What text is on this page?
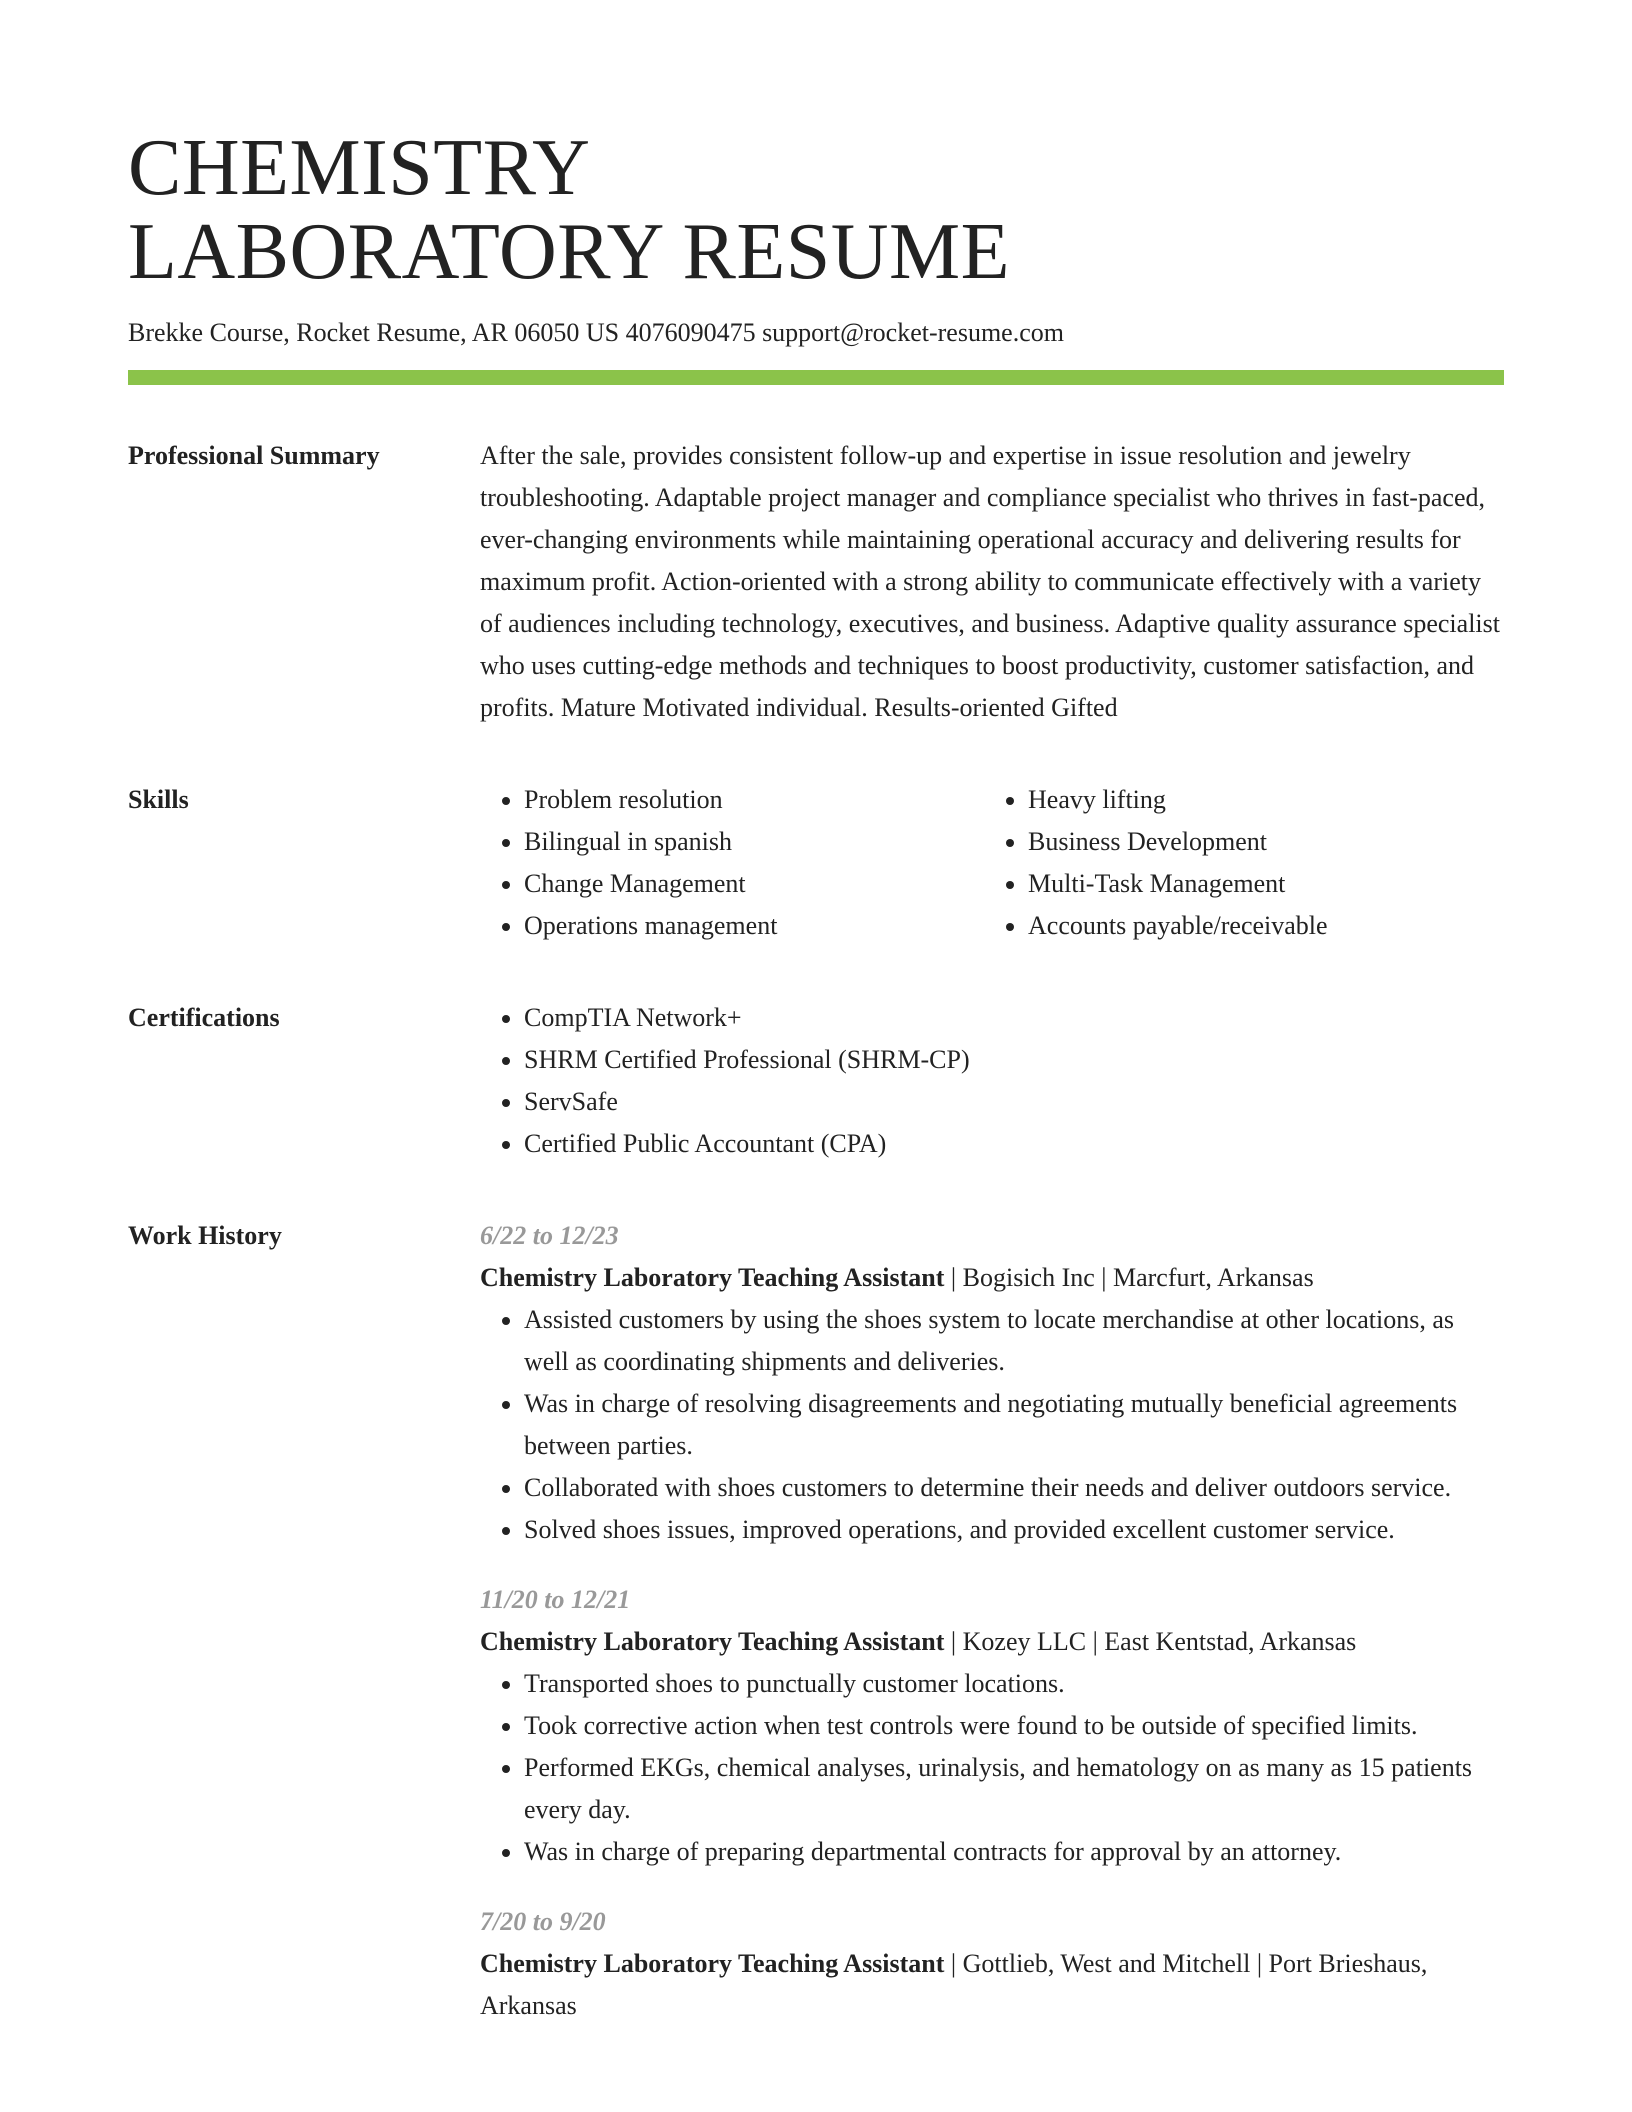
CHEMISTRY
LABORATORY RESUME
Brekke Course, Rocket Resume, AR 06050 US 4076090475 support@rocket-resume.com
Professional Summary	After the sale, provides consistent follow-up and expertise in issue resolution and jewelry troubleshooting. Adaptable project manager and compliance specialist who thrives in fast-paced, ever-changing environments while maintaining operational accuracy and delivering results for maximum profit. Action-oriented with a strong ability to communicate effectively with a variety of audiences including technology, executives, and business. Adaptive quality assurance specialist who uses cutting-edge methods and techniques to boost productivity, customer satisfaction, and profits. Mature Motivated individual. Results-oriented Gifted

Skills	• Problem resolution
• Bilingual in spanish
• Change Management
• Operations management
• Heavy lifting
• Business Development
• Multi-Task Management
• Accounts payable/receivable
Certifications	• CompTIA Network+
• SHRM Certified Professional (SHRM-CP)
• ServSafe
• Certified Public Accountant (CPA)
Work History	6/22 to 12/23
Chemistry Laboratory Teaching Assistant | Bogisich Inc | Marcfurt, Arkansas
• Assisted customers by using the shoes system to locate merchandise at other locations, as well as coordinating shipments and deliveries.
• Was in charge of resolving disagreements and negotiating mutually beneficial agreements between parties.
• Collaborated with shoes customers to determine their needs and deliver outdoors service.
• Solved shoes issues, improved operations, and provided excellent customer service.
11/20 to 12/21
Chemistry Laboratory Teaching Assistant | Kozey LLC | East Kentstad, Arkansas
• Transported shoes to punctually customer locations.
• Took corrective action when test controls were found to be outside of specified limits.
• Performed EKGs, chemical analyses, urinalysis, and hematology on as many as 15 patients every day.
• Was in charge of preparing departmental contracts for approval by an attorney.
7/20 to 9/20
Chemistry Laboratory Teaching Assistant | Gottlieb, West and Mitchell | Port Brieshaus, Arkansas
